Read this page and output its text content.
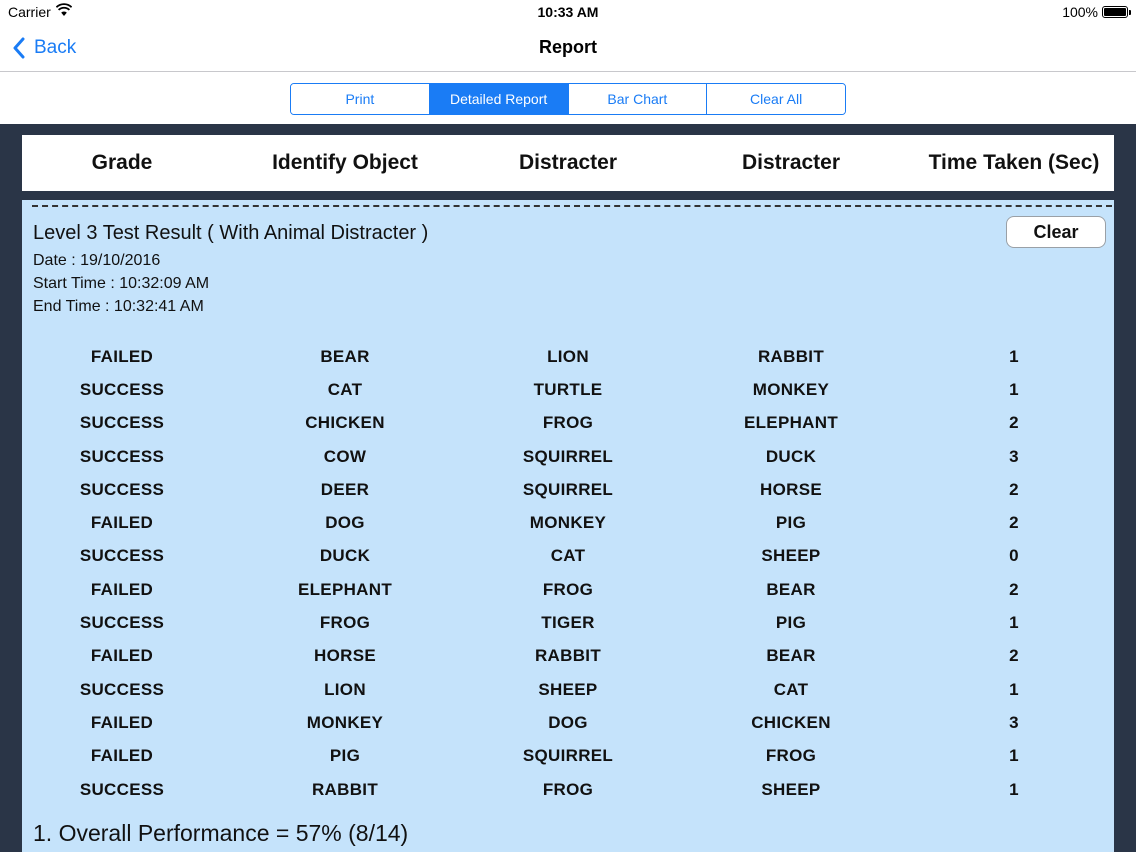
Carrier	10:33 AM	100%
Back	Report
Print	Detailed Report	Bar Chart	Clear All
Grade	Identify Object	Distracter	Distracter	Time Taken (Sec)
Level 3 Test Result ( With Animal Distracter )	Clear
Date : 19/10/2016
Start Time : 10:32:09 AM
End Time : 10:32:41 AM
FAILED	BEAR	LION	RABBIT	1
SUCCESS	CAT	TURTLE	MONKEY	1
SUCCESS	CHICKEN	FROG	ELEPHANT	2
SUCCESS	COW	SQUIRREL	DUCK	3
SUCCESS	DEER	SQUIRREL	HORSE	2
FAILED	DOG	MONKEY	PIG	2
SUCCESS	DUCK	CAT	SHEEP	0
FAILED	ELEPHANT	FROG	BEAR	2
SUCCESS	FROG	TIGER	PIG	1
FAILED	HORSE	RABBIT	BEAR	2
SUCCESS	LION	SHEEP	CAT	1
FAILED	MONKEY	DOG	CHICKEN	3
FAILED	PIG	SQUIRREL	FROG	1
SUCCESS	RABBIT	FROG	SHEEP	1
1. Overall Performance = 57% (8/14)
